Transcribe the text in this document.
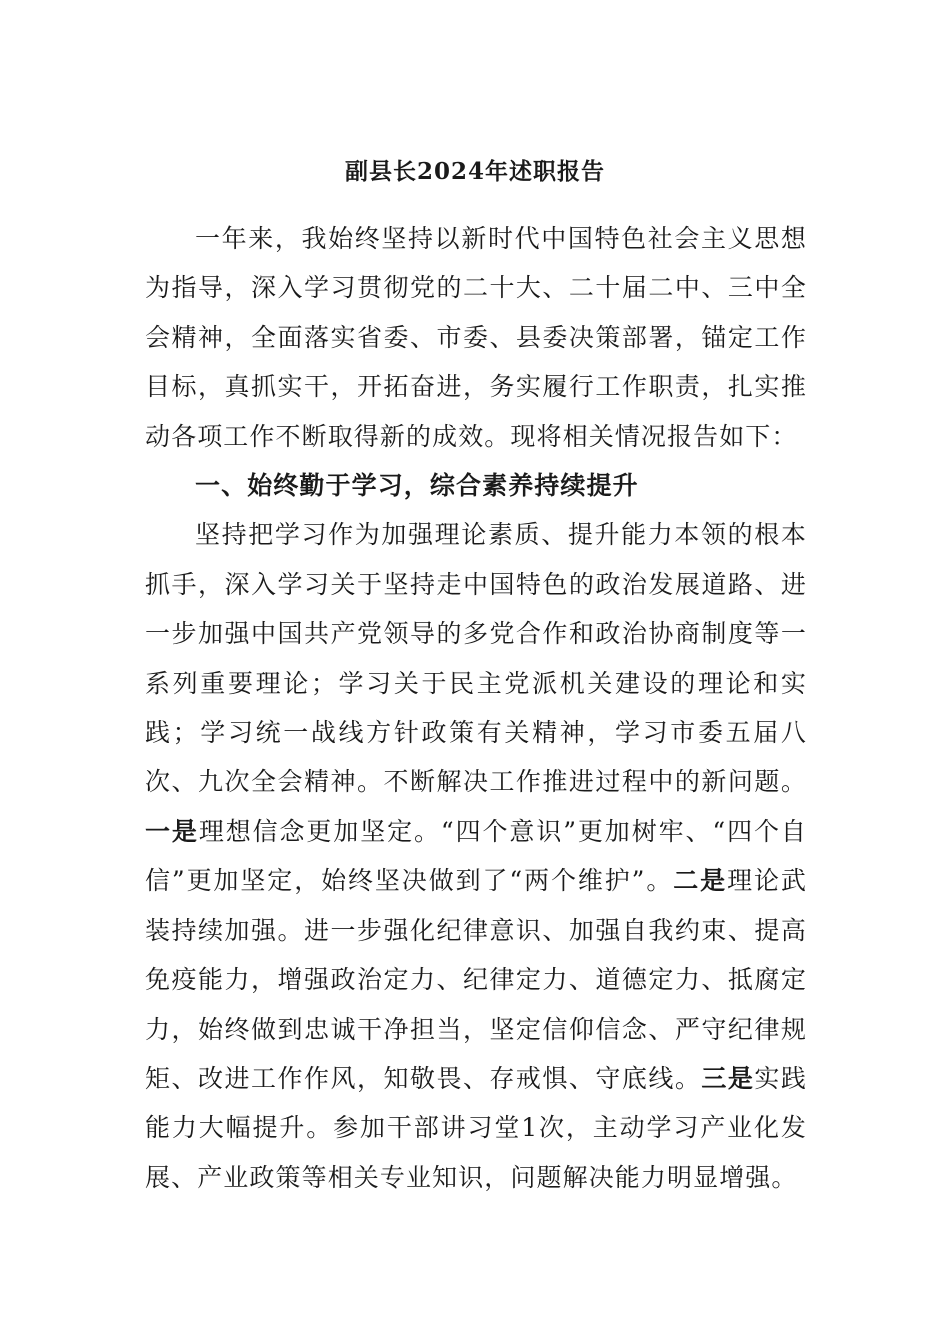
副县长2024年述职报告

一年来，我始终坚持以新时代中国特色社会主义思想为指导，深入学习贯彻党的二十大、二十届二中、三中全会精神，全面落实省委、市委、县委决策部署，锚定工作目标，真抓实干，开拓奋进，务实履行工作职责，扎实推动各项工作不断取得新的成效。现将相关情况报告如下：

一、始终勤于学习，综合素养持续提升

坚持把学习作为加强理论素质、提升能力本领的根本抓手，深入学习关于坚持走中国特色的政治发展道路、进一步加强中国共产党领导的多党合作和政治协商制度等一系列重要理论；学习关于民主党派机关建设的理论和实践；学习统一战线方针政策有关精神，学习市委五届八次、九次全会精神。不断解决工作推进过程中的新问题。一是理想信念更加坚定。“四个意识”更加树牢、“四个自信”更加坚定，始终坚决做到了“两个维护”。二是理论武装持续加强。进一步强化纪律意识、加强自我约束、提高免疫能力，增强政治定力、纪律定力、道德定力、抵腐定力，始终做到忠诚干净担当，坚定信仰信念、严守纪律规矩、改进工作作风，知敬畏、存戒惧、守底线。三是实践能力大幅提升。参加干部讲习堂1次，主动学习产业化发展、产业政策等相关专业知识，问题解决能力明显增强。
